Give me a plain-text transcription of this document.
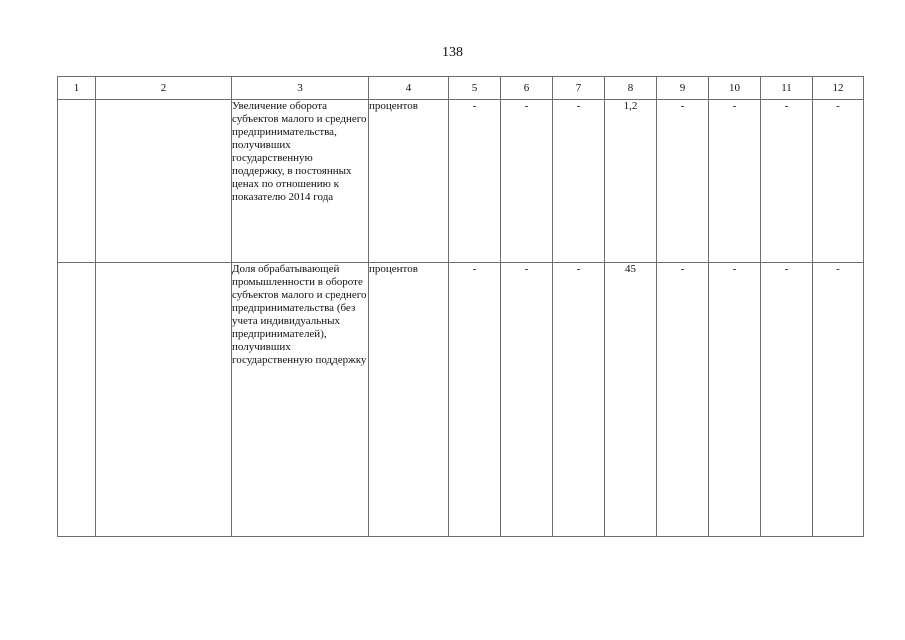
138
1	2	3	4	5	6	7	8	9	10	11	12
		Увеличение оборота субъектов малого и среднего предпринимательства, получивших государственную поддержку, в постоянных ценах по отношению к показателю 2014 года	процентов	-	-	-	1,2	-	-	-	-
		Доля обрабатывающей промышленности в обороте субъектов малого и среднего предпринимательства (без учета индивидуальных предпринимателей), получивших государственную поддержку	процентов	-	-	-	45	-	-	-	-
